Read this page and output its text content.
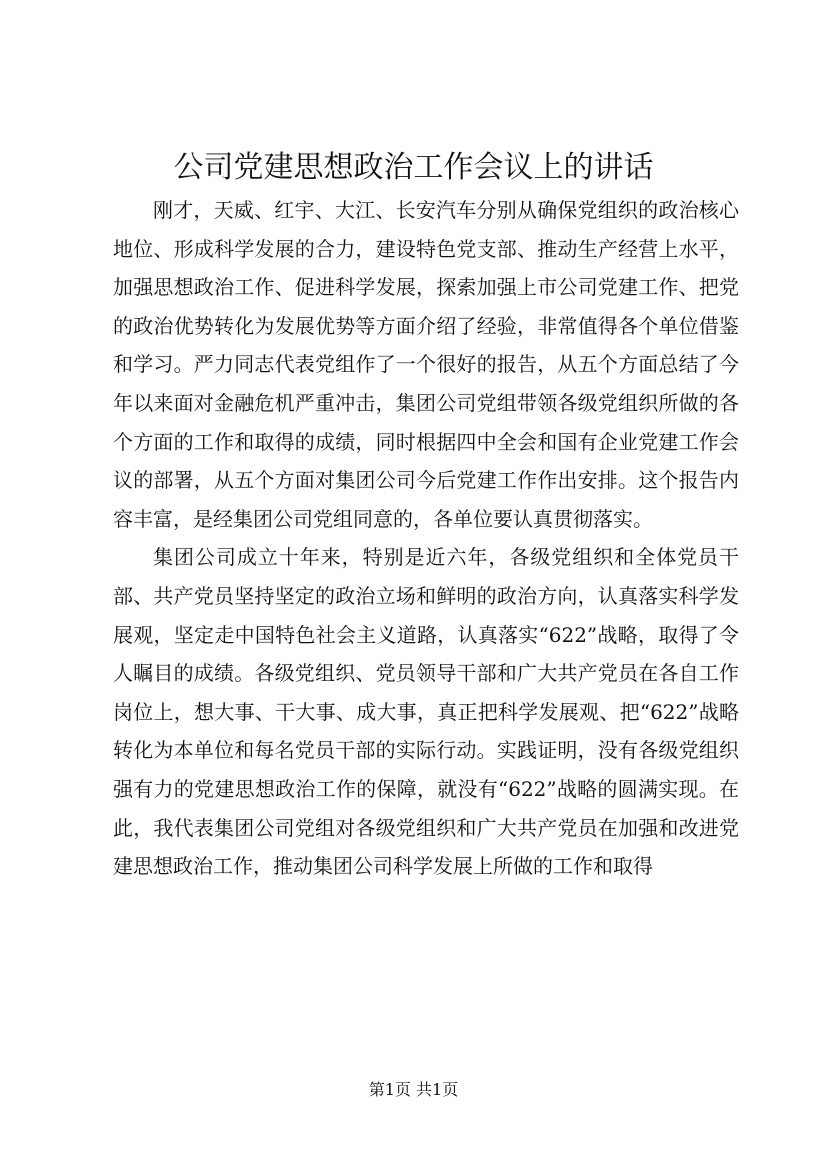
公司党建思想政治工作会议上的讲话

刚才，天威、红宇、大江、长安汽车分别从确保党组织的政治核心地位、形成科学发展的合力，建设特色党支部、推动生产经营上水平，加强思想政治工作、促进科学发展，探索加强上市公司党建工作、把党的政治优势转化为发展优势等方面介绍了经验，非常值得各个单位借鉴和学习。严力同志代表党组作了一个很好的报告，从五个方面总结了今年以来面对金融危机严重冲击，集团公司党组带领各级党组织所做的各个方面的工作和取得的成绩，同时根据四中全会和国有企业党建工作会议的部署，从五个方面对集团公司今后党建工作作出安排。这个报告内容丰富，是经集团公司党组同意的，各单位要认真贯彻落实。

集团公司成立十年来，特别是近六年，各级党组织和全体党员干部、共产党员坚持坚定的政治立场和鲜明的政治方向，认真落实科学发展观，坚定走中国特色社会主义道路，认真落实“622”战略，取得了令人瞩目的成绩。各级党组织、党员领导干部和广大共产党员在各自工作岗位上，想大事、干大事、成大事，真正把科学发展观、把“622”战略转化为本单位和每名党员干部的实际行动。实践证明，没有各级党组织强有力的党建思想政治工作的保障，就没有“622”战略的圆满实现。在此，我代表集团公司党组对各级党组织和广大共产党员在加强和改进党建思想政治工作，推动集团公司科学发展上所做的工作和取得

第1页 共1页
